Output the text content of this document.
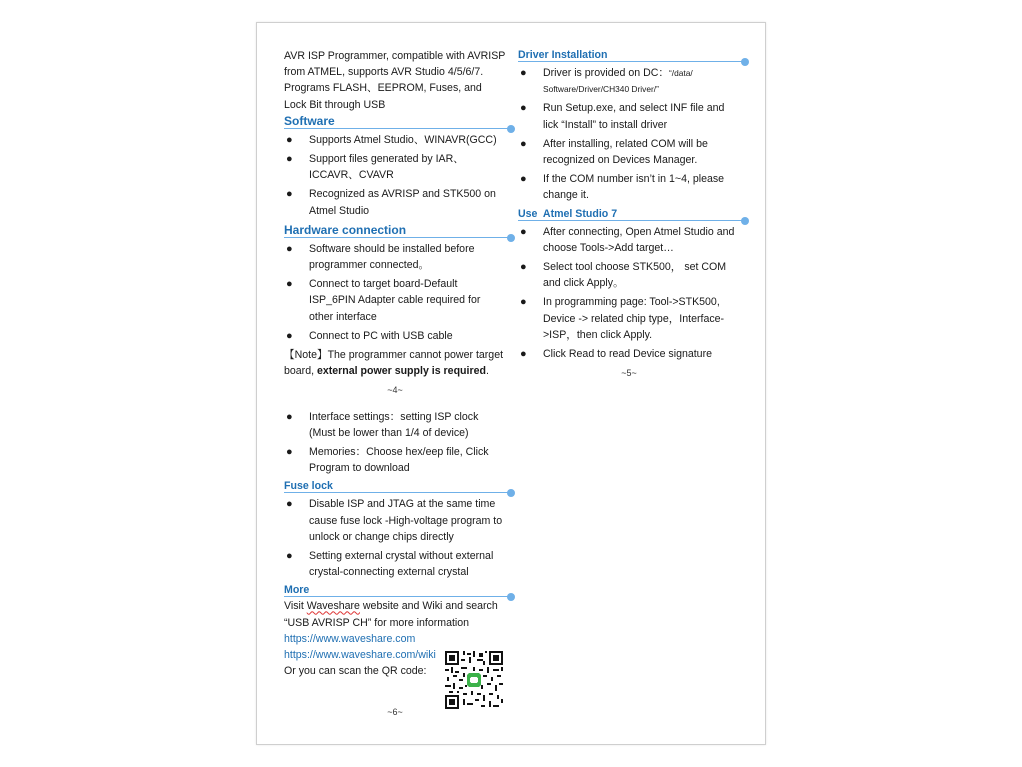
AVR ISP Programmer, compatible with AVRISP from ATMEL, supports AVR Studio 4/5/6/7. Programs FLASH、EEPROM, Fuses, and Lock Bit through USB

Software
● Supports Atmel Studio、WINAVR(GCC)
● Support files generated by IAR、ICCAVR、CVAVR
● Recognized as AVRISP and STK500 on Atmel Studio
Hardware connection
● Software should be installed before programmer connected。
● Connect to target board-Default ISP_6PIN Adapter cable required for other interface
● Connect to PC with USB cable

【Note】The programmer cannot power target board, external power supply is required.

~4~
● Interface settings：setting ISP clock (Must be lower than 1/4 of device)
● Memories：Choose hex/eep file, Click Program to download
Fuse lock
● Disable ISP and JTAG at the same time cause fuse lock -High-voltage program to unlock or change chips directly
● Setting external crystal without external crystal-connecting external crystal
More

Visit Waveshare website and Wiki and search “USB AVRISP CH” for more information

https://www.waveshare.com
https://www.waveshare.com/wiki

Or you can scan the QR code:

~6~
Driver Installation
● Driver is provided on DC：“/data/ Software/Driver/CH340 Driver/”
● Run Setup.exe, and select INF file and lick “Install” to install driver
● After installing, related COM will be recognized on Devices Manager.
● If the COM number isn’t in 1~4, please change it.
Use  Atmel Studio 7
● After connecting, Open Atmel Studio and choose Tools->Add target…
● Select tool choose STK500， set COM and click Apply。
● In programming page: Tool->STK500, Device -> related chip type，Interface->ISP，then click Apply.
● Click Read to read Device signature
~5~
